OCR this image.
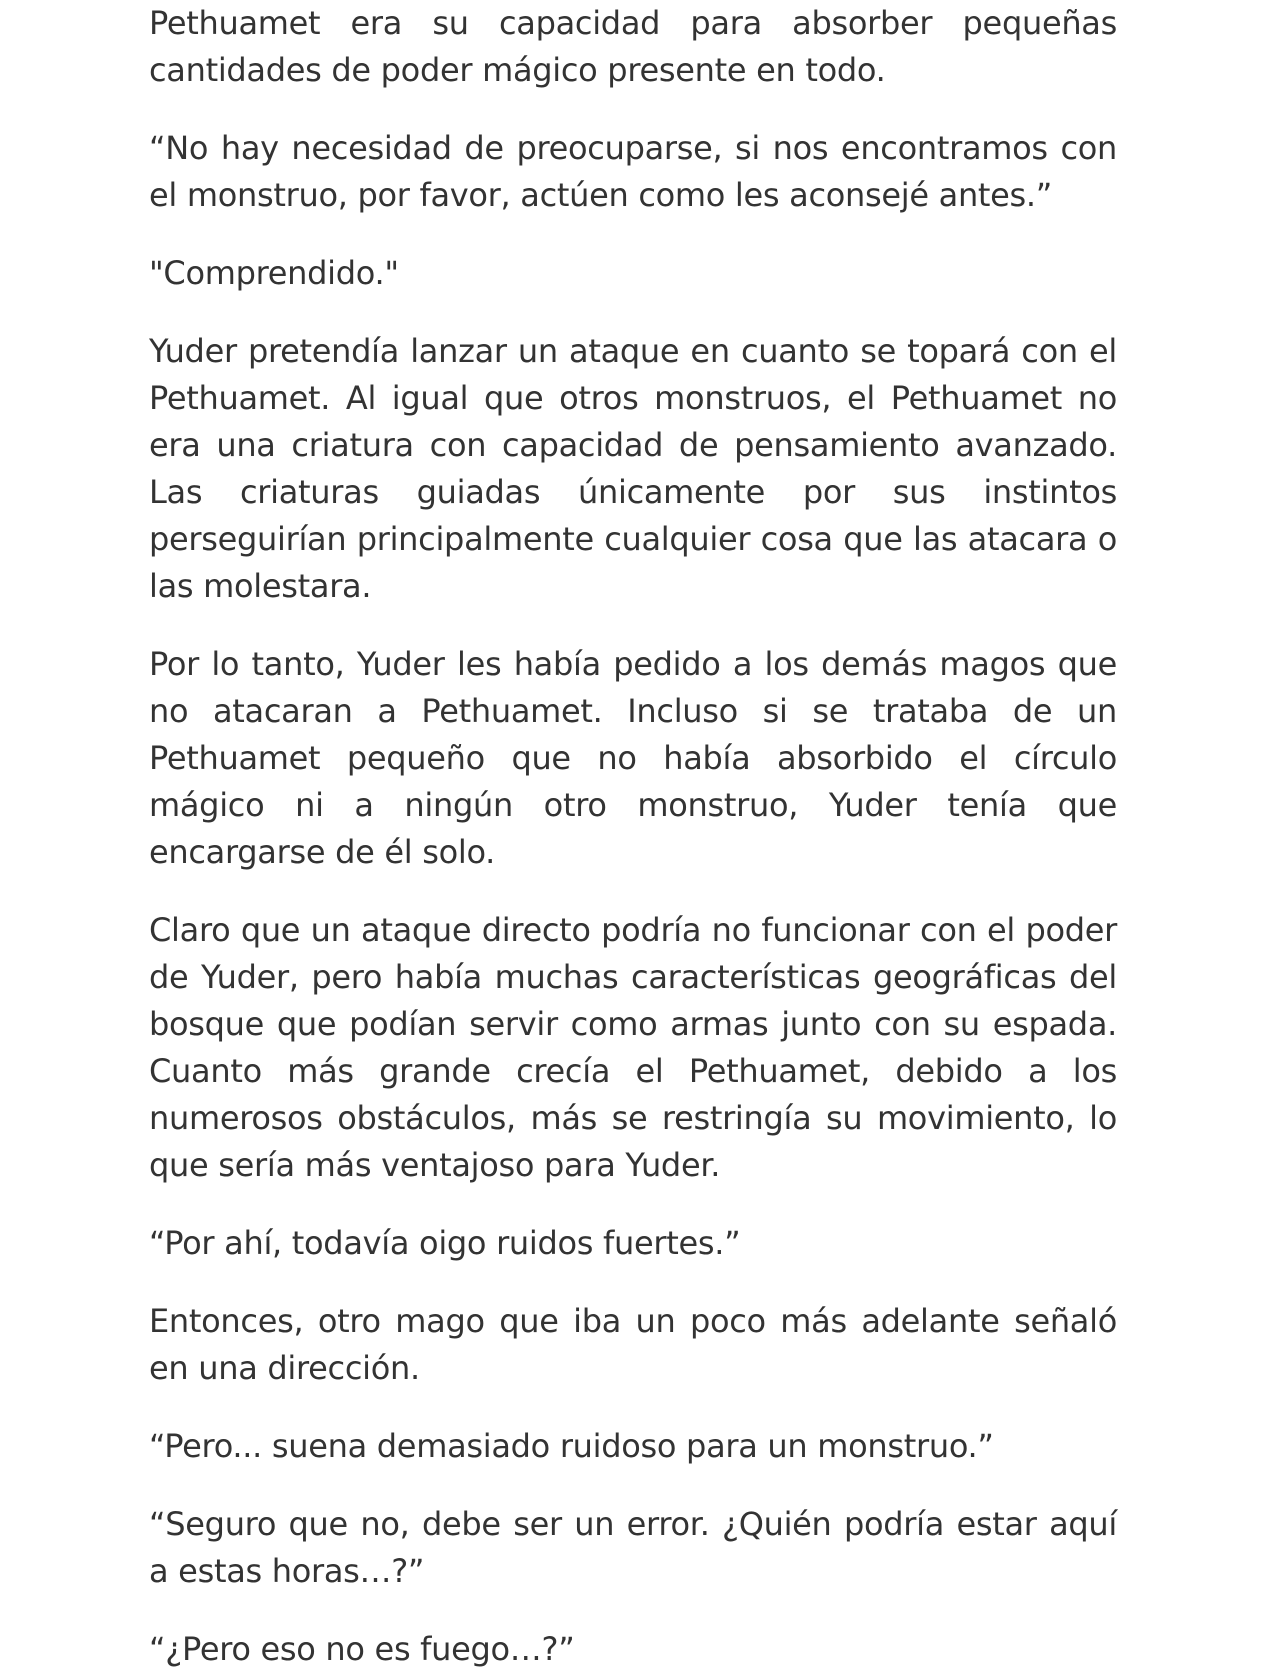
Pethuamet era su capacidad para absorber pequeñas cantidades de poder mágico presente en todo.

“No hay necesidad de preocuparse, si nos encontramos con el monstruo, por favor, actúen como les aconsejé antes.”

"Comprendido."

Yuder pretendía lanzar un ataque en cuanto se topará con el Pethuamet. Al igual que otros monstruos, el Pethuamet no era una criatura con capacidad de pensamiento avanzado. Las criaturas guiadas únicamente por sus instintos perseguirían principalmente cualquier cosa que las atacara o las molestara.

Por lo tanto, Yuder les había pedido a los demás magos que no atacaran a Pethuamet. Incluso si se trataba de un Pethuamet pequeño que no había absorbido el círculo mágico ni a ningún otro monstruo, Yuder tenía que encargarse de él solo.

Claro que un ataque directo podría no funcionar con el poder de Yuder, pero había muchas características geográficas del bosque que podían servir como armas junto con su espada. Cuanto más grande crecía el Pethuamet, debido a los numerosos obstáculos, más se restringía su movimiento, lo que sería más ventajoso para Yuder.

“Por ahí, todavía oigo ruidos fuertes.”

Entonces, otro mago que iba un poco más adelante señaló en una dirección.

“Pero... suena demasiado ruidoso para un monstruo.”

“Seguro que no, debe ser un error. ¿Quién podría estar aquí a estas horas…?”

“¿Pero eso no es fuego…?”
